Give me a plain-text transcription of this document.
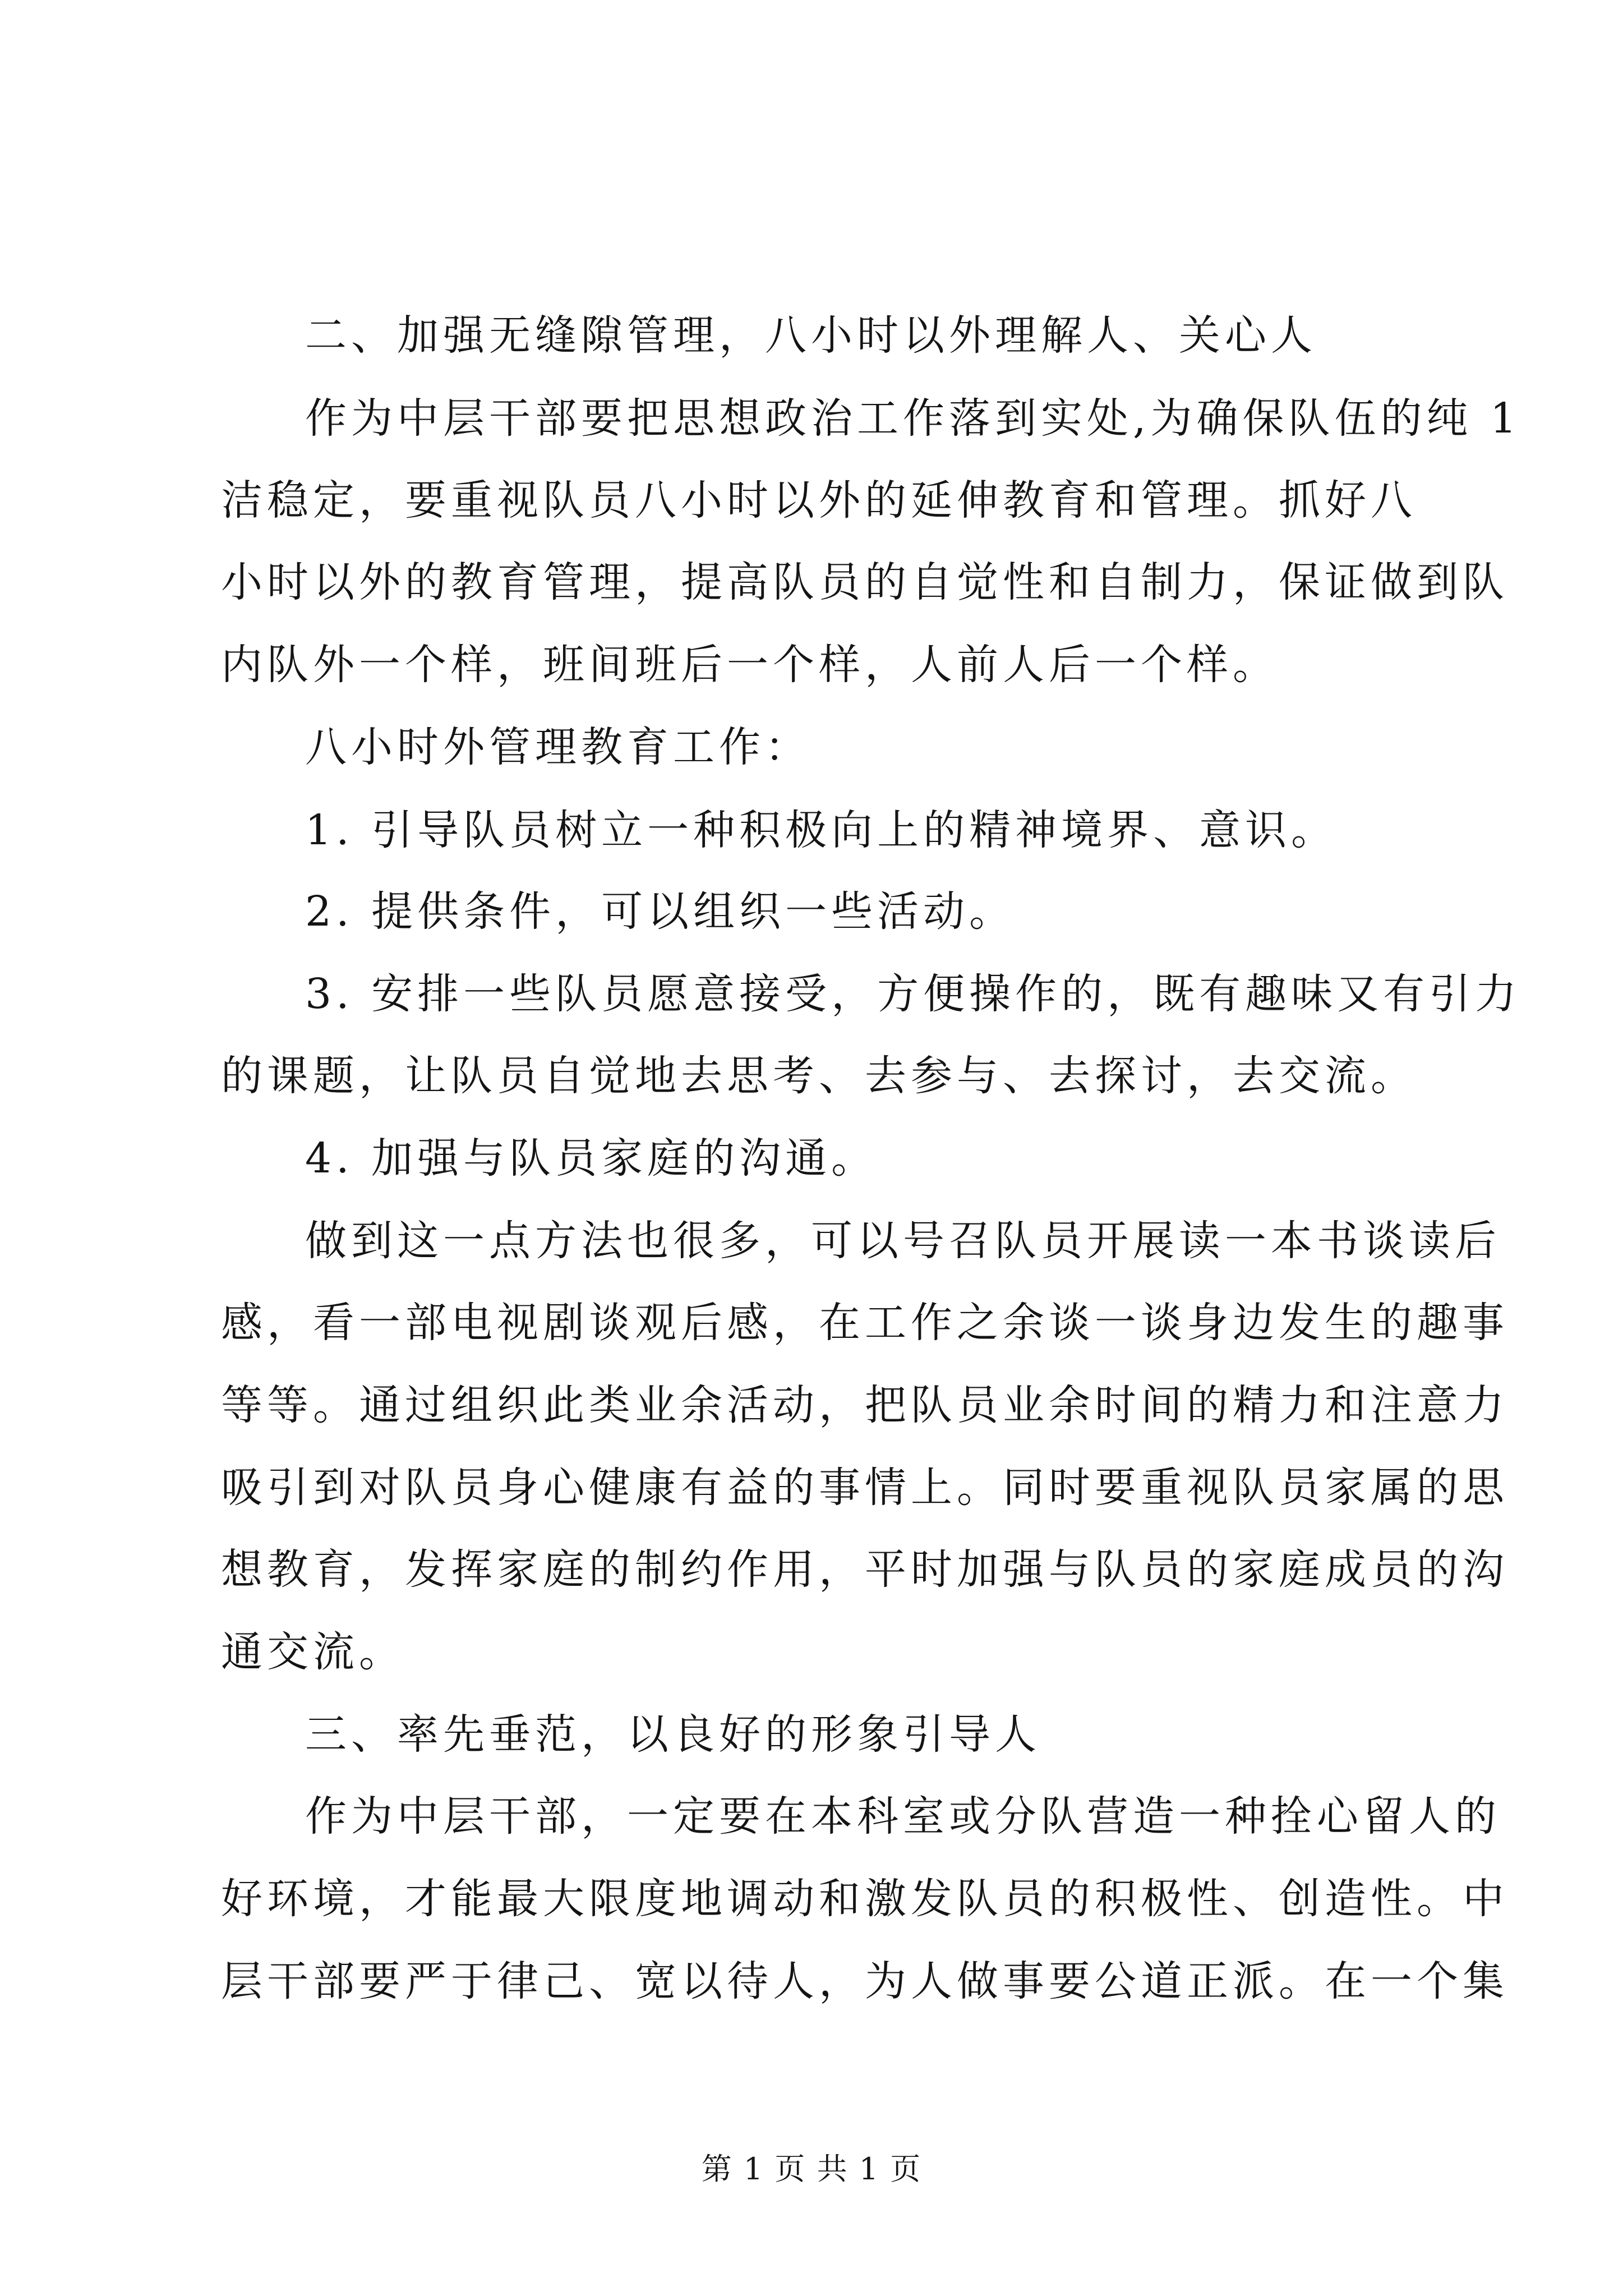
二、加强无缝隙管理，八小时以外理解人、关心人
作为中层干部要把思想政治工作落到实处,为确保队伍的纯 1
洁稳定，要重视队员八小时以外的延伸教育和管理。抓好八
小时以外的教育管理，提高队员的自觉性和自制力，保证做到队
内队外一个样，班间班后一个样，人前人后一个样。
八小时外管理教育工作：
1. 引导队员树立一种积极向上的精神境界、意识。
2. 提供条件，可以组织一些活动。
3. 安排一些队员愿意接受，方便操作的，既有趣味又有引力
的课题，让队员自觉地去思考、去参与、去探讨，去交流。
4. 加强与队员家庭的沟通。
做到这一点方法也很多，可以号召队员开展读一本书谈读后
感，看一部电视剧谈观后感，在工作之余谈一谈身边发生的趣事
等等。通过组织此类业余活动，把队员业余时间的精力和注意力
吸引到对队员身心健康有益的事情上。同时要重视队员家属的思
想教育，发挥家庭的制约作用，平时加强与队员的家庭成员的沟
通交流。
三、率先垂范，以良好的形象引导人
作为中层干部，一定要在本科室或分队营造一种拴心留人的
好环境，才能最大限度地调动和激发队员的积极性、创造性。中
层干部要严于律己、宽以待人，为人做事要公道正派。在一个集
第 1 页 共 1 页
